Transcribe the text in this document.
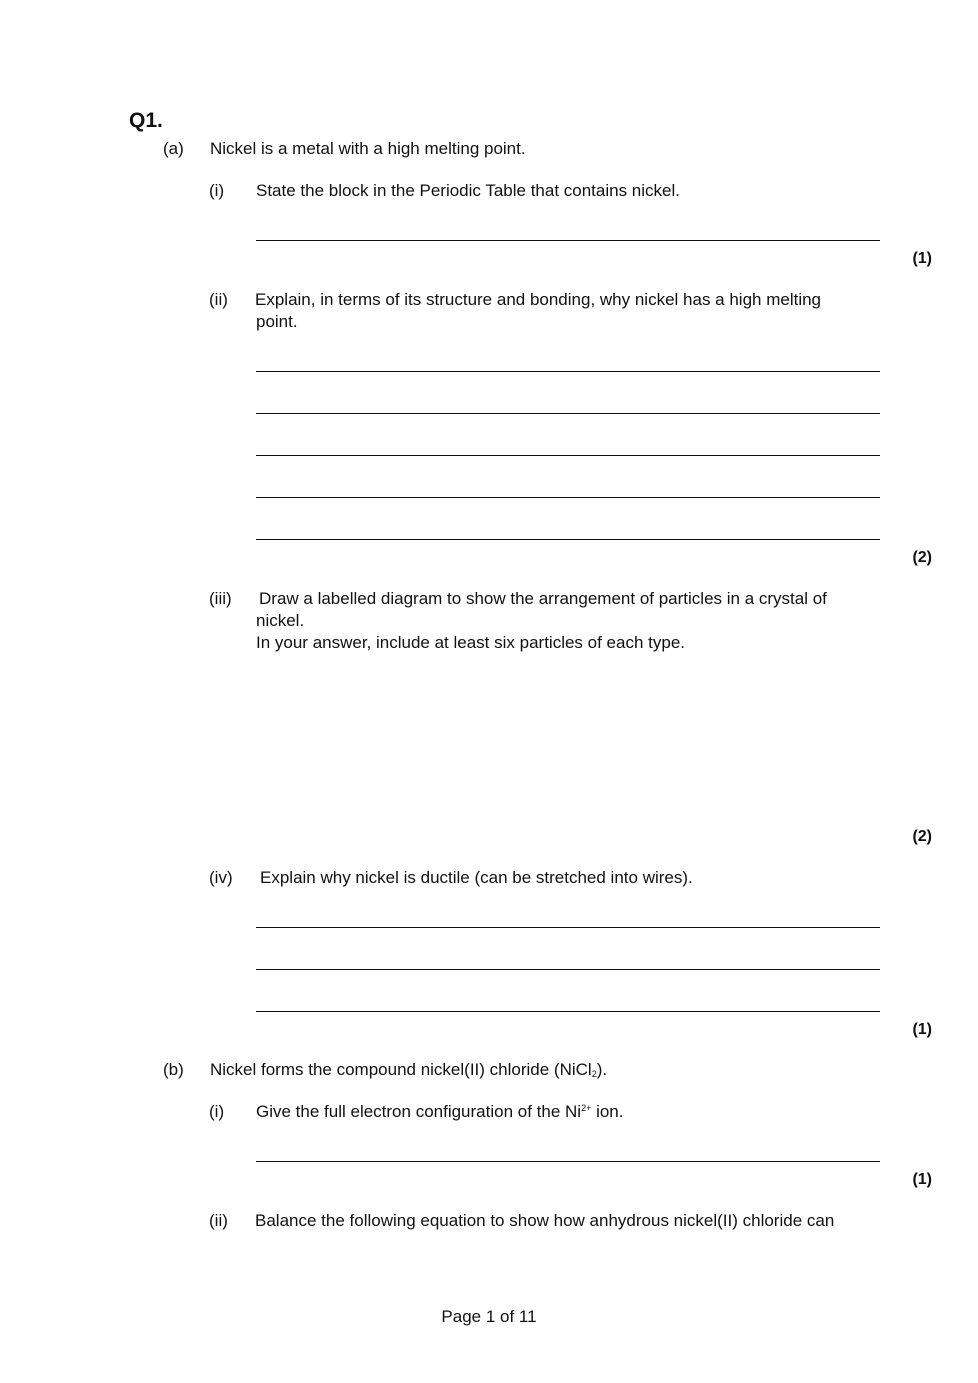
Q1.
(a) Nickel is a metal with a high melting point.
(i) State the block in the Periodic Table that contains nickel.
(1)
(ii) Explain, in terms of its structure and bonding, why nickel has a high melting
point.
(2)
(iii) Draw a labelled diagram to show the arrangement of particles in a crystal of
nickel.
In your answer, include at least six particles of each type.
(2)
(iv) Explain why nickel is ductile (can be stretched into wires).
(1)
(b) Nickel forms the compound nickel(II) chloride (NiCl$_2$).
(i) Give the full electron configuration of the $Ni^{2+}$ ion.
(1)
(ii) Balance the following equation to show how anhydrous nickel(II) chloride can
Page 1 of 11
